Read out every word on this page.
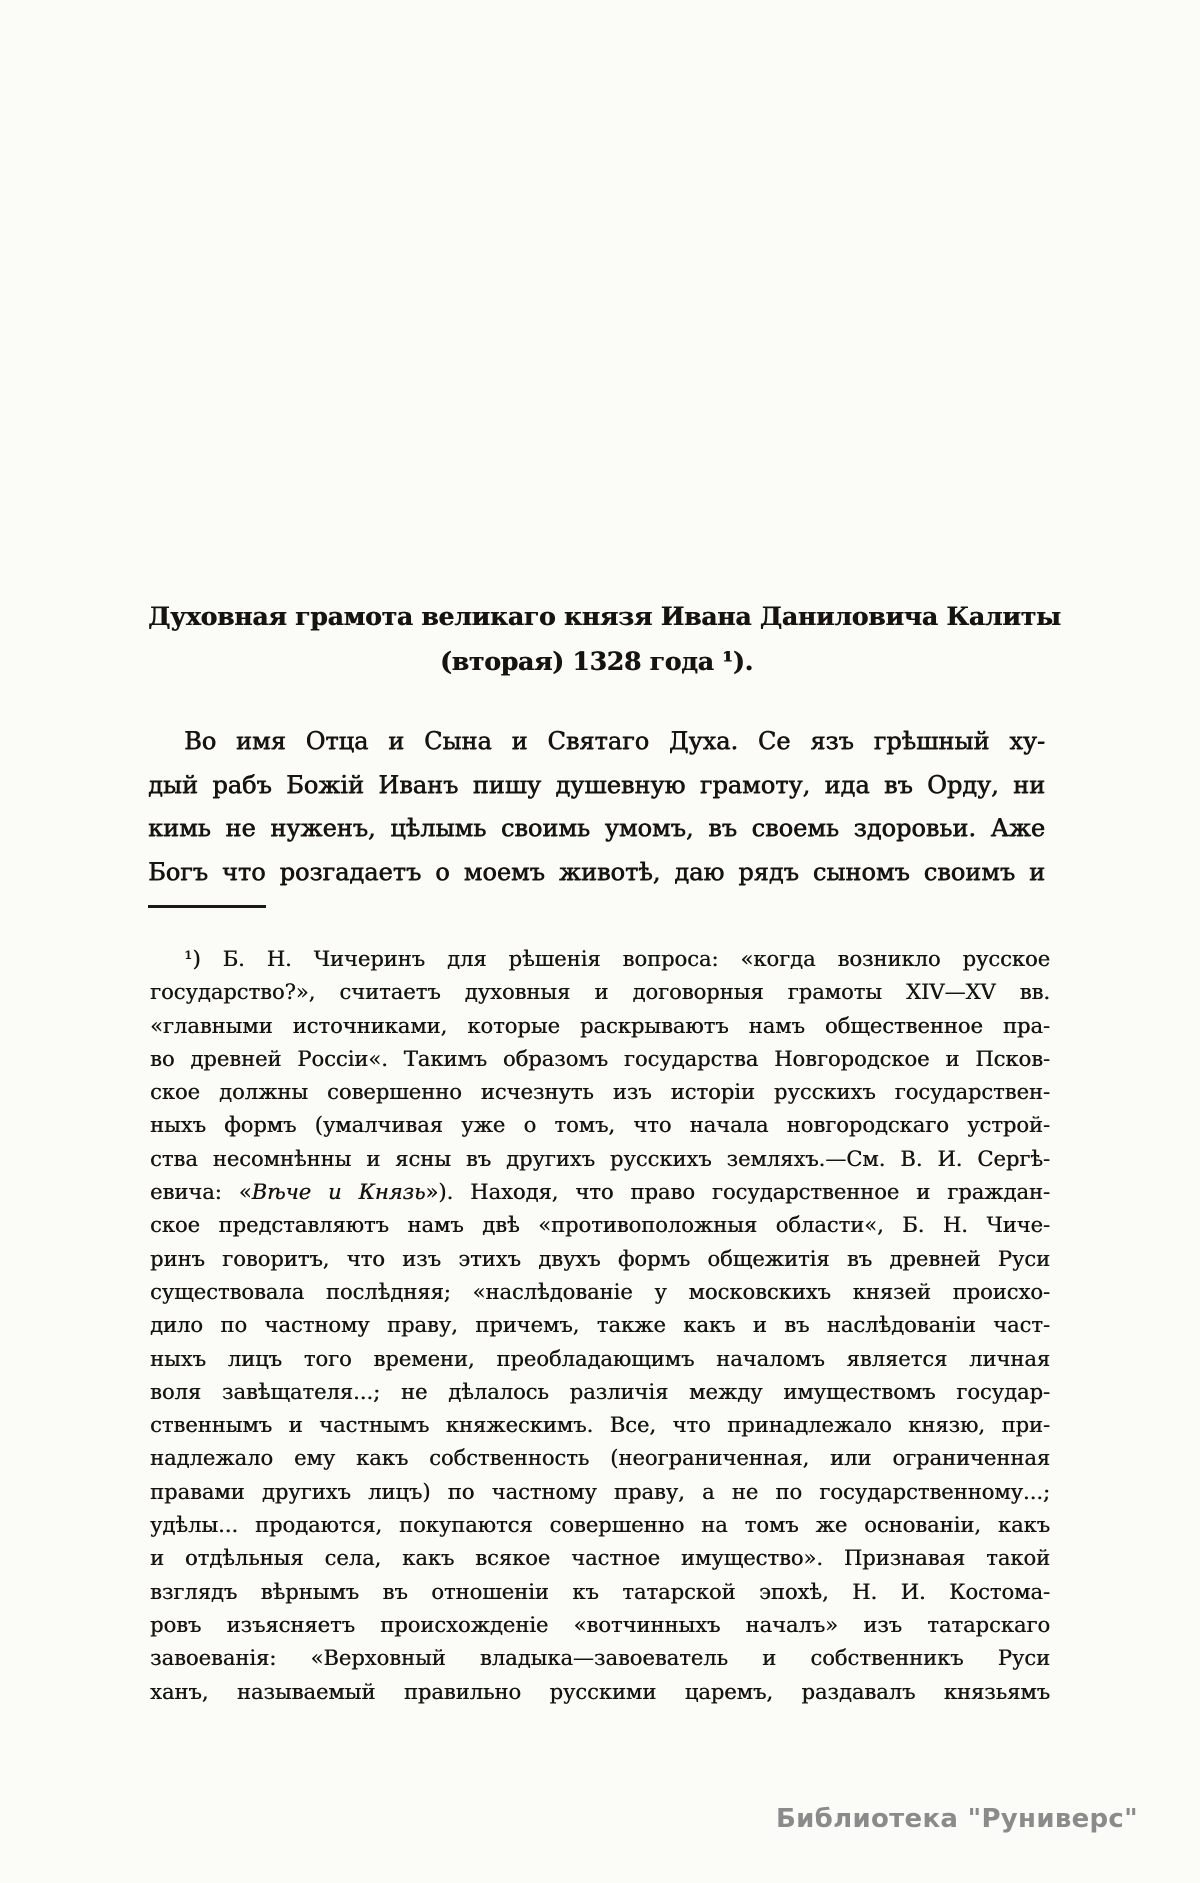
Духовная грамота великаго князя Ивана Даниловича Калиты
(вторая) 1328 года ¹).
Во имя Отца и Сына и Святаго Духа. Се язъ грѣшный ху-
дый рабъ Божій Иванъ пишу душевную грамоту, ида въ Орду, ни
кимь не нуженъ, цѣлымь своимь умомъ, въ своемь здоровьи. Аже
Богъ что розгадаетъ о моемъ животѣ, даю рядъ сыномъ своимъ и
¹) Б. Н. Чичеринъ для рѣшенія вопроса: «когда возникло русское
государство?», считаетъ духовныя и договорныя грамоты XIV—XV вв.
«главными источниками, которые раскрываютъ намъ общественное пра-
во древней Россіи«. Такимъ образомъ государства Новгородское и Псков-
ское должны совершенно исчезнуть изъ исторіи русскихъ государствен-
ныхъ формъ (умалчивая уже о томъ, что начала новгородскаго устрой-
ства несомнѣнны и ясны въ другихъ русскихъ земляхъ.—См. В. И. Сергѣ-
евича: «Вѣче и Князь»). Находя, что право государственное и граждан-
ское представляютъ намъ двѣ «противоположныя области«, Б. Н. Чиче-
ринъ говоритъ, что изъ этихъ двухъ формъ общежитія въ древней Руси
существовала послѣдняя; «наслѣдованіе у московскихъ князей происхо-
дило по частному праву, причемъ, также какъ и въ наслѣдованіи част-
ныхъ лицъ того времени, преобладающимъ началомъ является личная
воля завѣщателя...; не дѣлалось различія между имуществомъ государ-
ственнымъ и частнымъ княжескимъ. Все, что принадлежало князю, при-
надлежало ему какъ собственность (неограниченная, или ограниченная
правами другихъ лицъ) по частному праву, а не по государственному...;
удѣлы... продаются, покупаются совершенно на томъ же основаніи, какъ
и отдѣльныя села, какъ всякое частное имущество». Признавая такой
взглядъ вѣрнымъ въ отношеніи къ татарской эпохѣ, Н. И. Костома-
ровъ изъясняетъ происхожденіе «вотчинныхъ началъ» изъ татарскаго
завоеванія: «Верховный владыка—завоеватель и собственникъ Руси
ханъ, называемый правильно русскими царемъ, раздавалъ князьямъ
Библиотека "Руниверс"
